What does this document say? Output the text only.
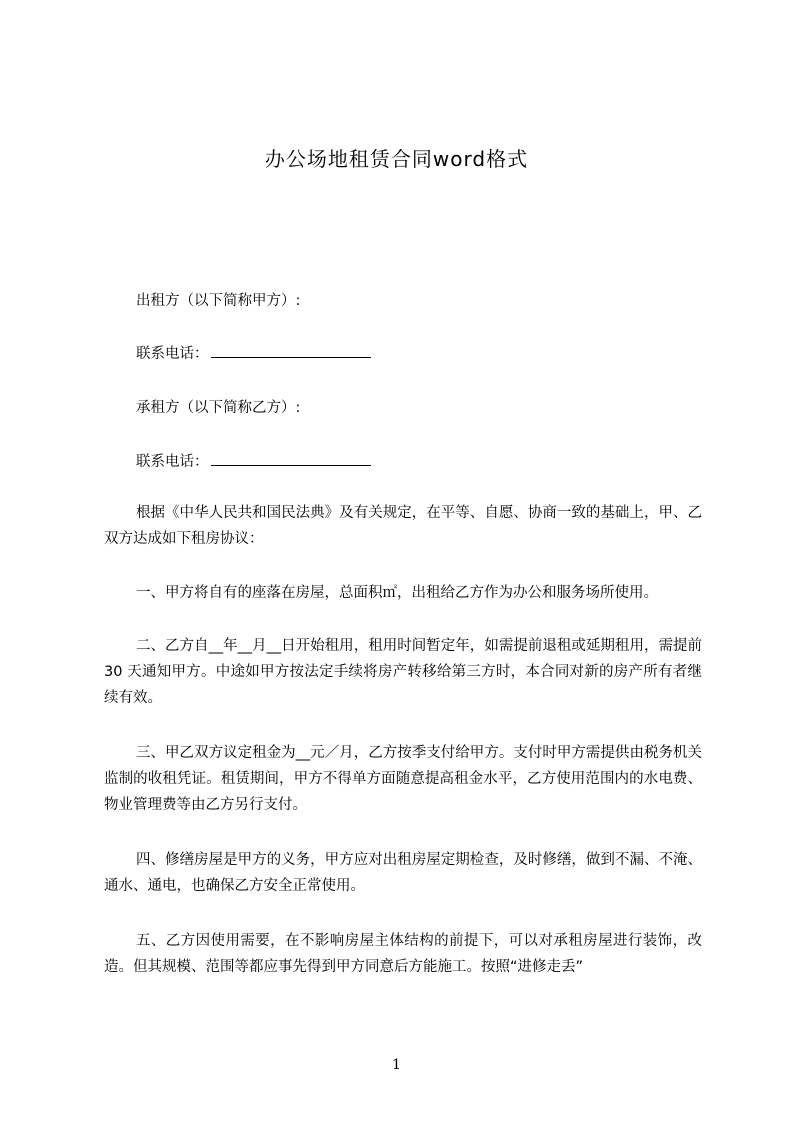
办公场地租赁合同word格式
出租方（以下简称甲方）:
联系电话：
承租方（以下简称乙方）:
联系电话：
根据《中华人民共和国民法典》及有关规定，在平等、自愿、协商一致的基础上，甲、乙双方达成如下租房协议：
一、甲方将自有的座落在房屋，总面积㎡，出租给乙方作为办公和服务场所使用。
二、乙方自__年__月__日开始租用，租用时间暂定年，如需提前退租或延期租用，需提前 30 天通知甲方。中途如甲方按法定手续将房产转移给第三方时，本合同对新的房产所有者继续有效。
三、甲乙双方议定租金为__元／月，乙方按季支付给甲方。支付时甲方需提供由税务机关监制的收租凭证。租赁期间，甲方不得单方面随意提高租金水平，乙方使用范围内的水电费、物业管理费等由乙方另行支付。
四、修缮房屋是甲方的义务，甲方应对出租房屋定期检查，及时修缮，做到不漏、不淹、通水、通电，也确保乙方安全正常使用。
五、乙方因使用需要，在不影响房屋主体结构的前提下，可以对承租房屋进行装饰，改造。但其规模、范围等都应事先得到甲方同意后方能施工。按照“进修走丢”
1
